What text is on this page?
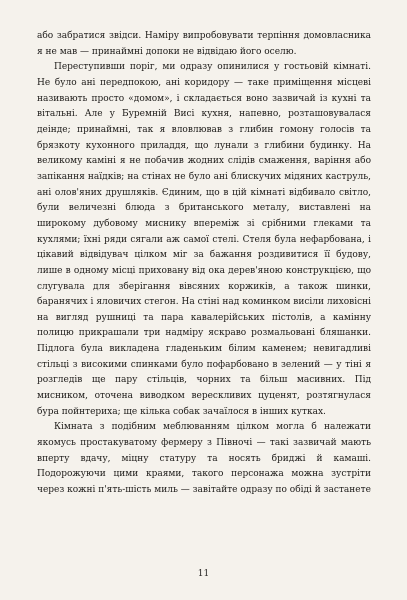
або забратися звідси. Наміру випробовувати терпіння домовласника я не мав — принаймні допоки не відвідаю його оселю.

Переступивши поріг, ми одразу опинилися у гостьовій кімнаті. Не було ані передпокою, ані коридору — таке приміщення місцеві називають просто «домом», і складається воно зазвичай із кухні та вітальні. Але у Буремній Висі кухня, напевно, розташовувалася деінде; принаймні, так я вловлював з глибин гомону голосів та брязкоту кухонного приладдя, що лунали з глибини будинку. На великому каміні я не побачив жодних слідів смаження, варіння або запікання наїдків; на стінах не було ані блискучих мідяних каструль, ані олов'яних друшляків. Єдиним, що в цій кімнаті відбивало світло, були величезні блюда з британського металу, виставлені на широкому дубовому миснику впереміж зі срібними глеками та кухлями; їхні ряди сягали аж самої стелі. Стеля була нефарбована, і цікавий відвідувач цілком міг за бажання роздивитися її будову, лише в одному місці приховану від ока дерев'яною конструкцією, що слугувала для зберігання вівсяних коржиків, а також шинки, баранячих і яловичих стегон. На стіні над коминком висіли лиховісні на вигляд рушниці та пара кавалерійських пістолів, а камінну полицю прикрашали три надміру яскраво розмальовані бляшанки. Підлога була викладена гладеньким білим каменем; невигадливі стільці з високими спинками було пофарбовано в зелений — у тіні я розгледів ще пару стільців, чорних та більш масивних. Під мисником, оточена виводком верескливих цуценят, розтягнулася бура пойнтериха; ще кілька собак зачаїлося в інших кутках.

Кімната з подібним меблюванням цілком могла б належати якомусь простакуватому фермеру з Півночі — такі зазвичай мають вперту вдачу, міцну статуру та носять бриджі й камаші. Подорожуючи цими краями, такого персонажа можна зустріти через кожні п'ять-шість миль — завітайте одразу по обіді й застанете

11
